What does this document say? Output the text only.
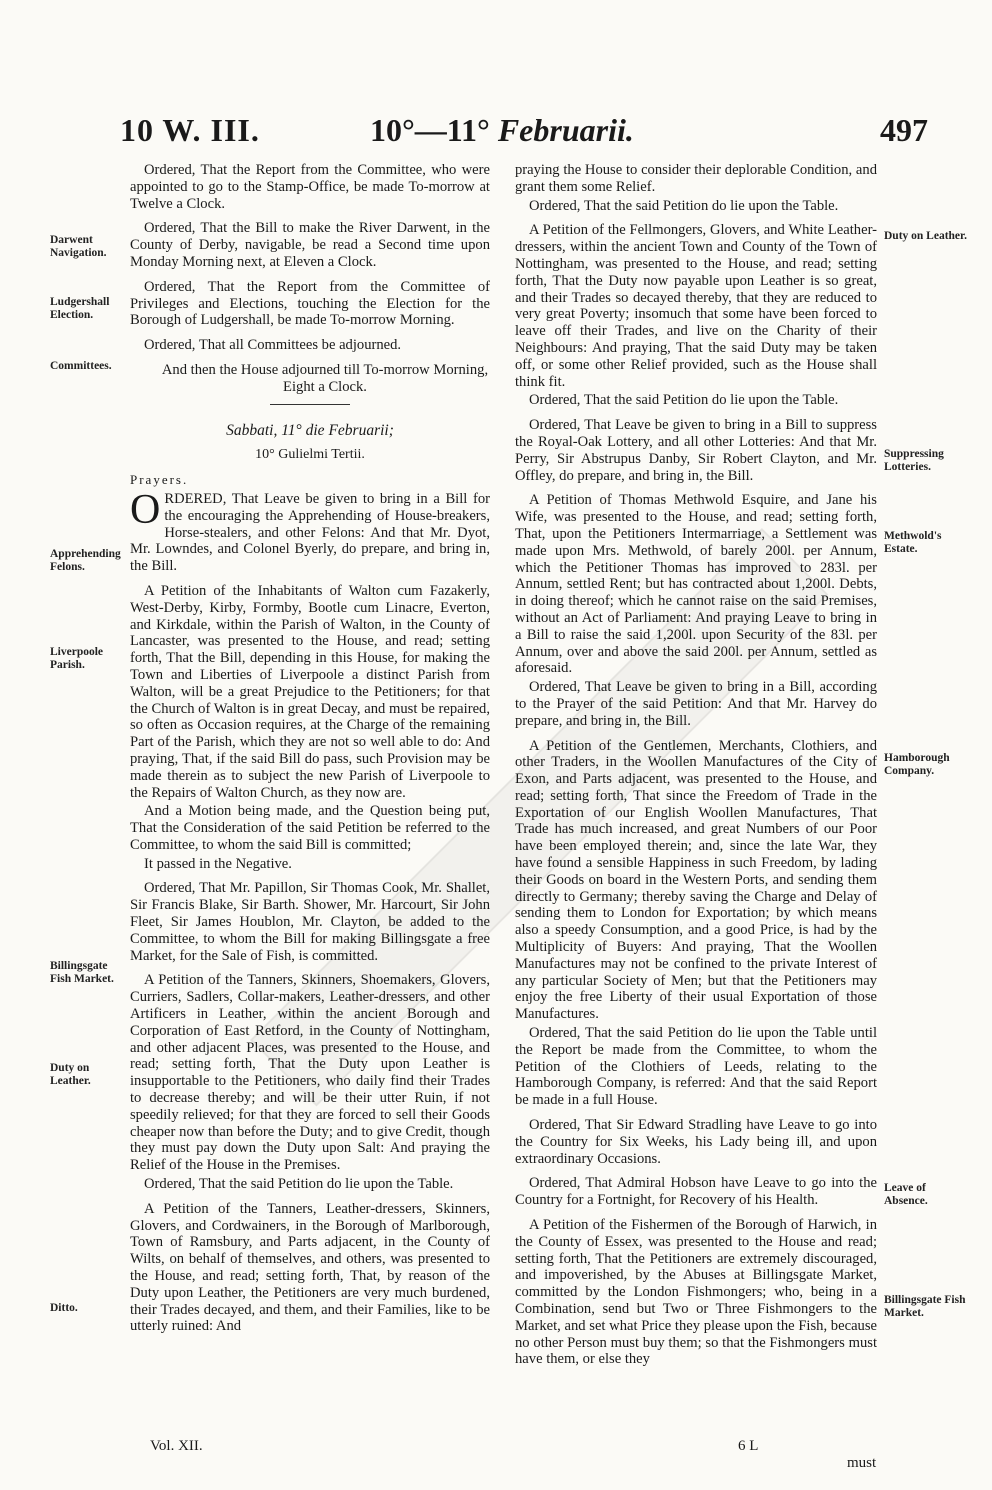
10 W. III.	10°—11° Februarii.	497
Darwent Navigation.
Ludgershall Election.
Committees.
Apprehending Felons.
Liverpoole Parish.
Billingsgate Fish Market.
Duty on Leather.
Ditto.
Duty on Leather.
Suppressing Lotteries.
Methwold's Estate.
Hamborough Company.
Leave of Absence.
Billingsgate Fish Market.

Ordered, That the Report from the Committee, who were appointed to go to the Stamp-Office, be made To-morrow at Twelve a Clock.

Ordered, That the Bill to make the River Darwent, in the County of Derby, navigable, be read a Second time upon Monday Morning next, at Eleven a Clock.

Ordered, That the Report from the Committee of Privileges and Elections, touching the Election for the Borough of Ludgershall, be made To-morrow Morning.

Ordered, That all Committees be adjourned.

And then the House adjourned till To-morrow Morning, Eight a Clock.

Sabbati, 11° die Februarii;

10° Gulielmi Tertii.

Prayers.

ORDERED, That Leave be given to bring in a Bill for the encouraging the Apprehending of House-breakers, Horse-stealers, and other Felons: And that Mr. Dyot, Mr. Lowndes, and Colonel Byerly, do prepare, and bring in, the Bill.

A Petition of the Inhabitants of Walton cum Fazakerly, West-Derby, Kirby, Formby, Bootle cum Linacre, Everton, and Kirkdale, within the Parish of Walton, in the County of Lancaster, was presented to the House, and read; setting forth, That the Bill, depending in this House, for making the Town and Liberties of Liverpoole a distinct Parish from Walton, will be a great Prejudice to the Petitioners; for that the Church of Walton is in great Decay, and must be repaired, so often as Occasion requires, at the Charge of the remaining Part of the Parish, which they are not so well able to do: And praying, That, if the said Bill do pass, such Provision may be made therein as to subject the new Parish of Liverpoole to the Repairs of Walton Church, as they now are.

And a Motion being made, and the Question being put, That the Consideration of the said Petition be referred to the Committee, to whom the said Bill is committed;

It passed in the Negative.

Ordered, That Mr. Papillon, Sir Thomas Cook, Mr. Shallet, Sir Francis Blake, Sir Barth. Shower, Mr. Harcourt, Sir John Fleet, Sir James Houblon, Mr. Clayton, be added to the Committee, to whom the Bill for making Billingsgate a free Market, for the Sale of Fish, is committed.

A Petition of the Tanners, Skinners, Shoemakers, Glovers, Curriers, Sadlers, Collar-makers, Leather-dressers, and other Artificers in Leather, within the ancient Borough and Corporation of East Retford, in the County of Nottingham, and other adjacent Places, was presented to the House, and read; setting forth, That the Duty upon Leather is insupportable to the Petitioners, who daily find their Trades to decrease thereby; and will be their utter Ruin, if not speedily relieved; for that they are forced to sell their Goods cheaper now than before the Duty; and to give Credit, though they must pay down the Duty upon Salt: And praying the Relief of the House in the Premises.

Ordered, That the said Petition do lie upon the Table.

A Petition of the Tanners, Leather-dressers, Skinners, Glovers, and Cordwainers, in the Borough of Marlborough, Town of Ramsbury, and Parts adjacent, in the County of Wilts, on behalf of themselves, and others, was presented to the House, and read; setting forth, That, by reason of the Duty upon Leather, the Petitioners are very much burdened, their Trades decayed, and them, and their Families, like to be utterly ruined: And

praying the House to consider their deplorable Condition, and grant them some Relief.

Ordered, That the said Petition do lie upon the Table.

A Petition of the Fellmongers, Glovers, and White Leather-dressers, within the ancient Town and County of the Town of Nottingham, was presented to the House, and read; setting forth, That the Duty now payable upon Leather is so great, and their Trades so decayed thereby, that they are reduced to very great Poverty; insomuch that some have been forced to leave off their Trades, and live on the Charity of their Neighbours: And praying, That the said Duty may be taken off, or some other Relief provided, such as the House shall think fit.

Ordered, That the said Petition do lie upon the Table.

Ordered, That Leave be given to bring in a Bill to suppress the Royal-Oak Lottery, and all other Lotteries: And that Mr. Perry, Sir Abstrupus Danby, Sir Robert Clayton, and Mr. Offley, do prepare, and bring in, the Bill.

A Petition of Thomas Methwold Esquire, and Jane his Wife, was presented to the House, and read; setting forth, That, upon the Petitioners Intermarriage, a Settlement was made upon Mrs. Methwold, of barely 200l. per Annum, which the Petitioner Thomas has improved to 283l. per Annum, settled Rent; but has contracted about 1,200l. Debts, in doing thereof; which he cannot raise on the said Premises, without an Act of Parliament: And praying Leave to bring in a Bill to raise the said 1,200l. upon Security of the 83l. per Annum, over and above the said 200l. per Annum, settled as aforesaid.

Ordered, That Leave be given to bring in a Bill, according to the Prayer of the said Petition: And that Mr. Harvey do prepare, and bring in, the Bill.

A Petition of the Gentlemen, Merchants, Clothiers, and other Traders, in the Woollen Manufactures of the City of Exon, and Parts adjacent, was presented to the House, and read; setting forth, That since the Freedom of Trade in the Exportation of our English Woollen Manufactures, That Trade has much increased, and great Numbers of our Poor have been employed therein; and, since the late War, they have found a sensible Happiness in such Freedom, by lading their Goods on board in the Western Ports, and sending them directly to Germany; thereby saving the Charge and Delay of sending them to London for Exportation; by which means also a speedy Consumption, and a good Price, is had by the Multiplicity of Buyers: And praying, That the Woollen Manufactures may not be confined to the private Interest of any particular Society of Men; but that the Petitioners may enjoy the free Liberty of their usual Exportation of those Manufactures.

Ordered, That the said Petition do lie upon the Table until the Report be made from the Committee, to whom the Petition of the Clothiers of Leeds, relating to the Hamborough Company, is referred: And that the said Report be made in a full House.

Ordered, That Sir Edward Stradling have Leave to go into the Country for Six Weeks, his Lady being ill, and upon extraordinary Occasions.

Ordered, That Admiral Hobson have Leave to go into the Country for a Fortnight, for Recovery of his Health.

A Petition of the Fishermen of the Borough of Harwich, in the County of Essex, was presented to the House and read; setting forth, That the Petitioners are extremely discouraged, and impoverished, by the Abuses at Billingsgate Market, committed by the London Fishmongers; who, being in a Combination, send but Two or Three Fishmongers to the Market, and set what Price they please upon the Fish, because no other Person must buy them; so that the Fishmongers must have them, or else they

Vol. XII.	6 L
must
